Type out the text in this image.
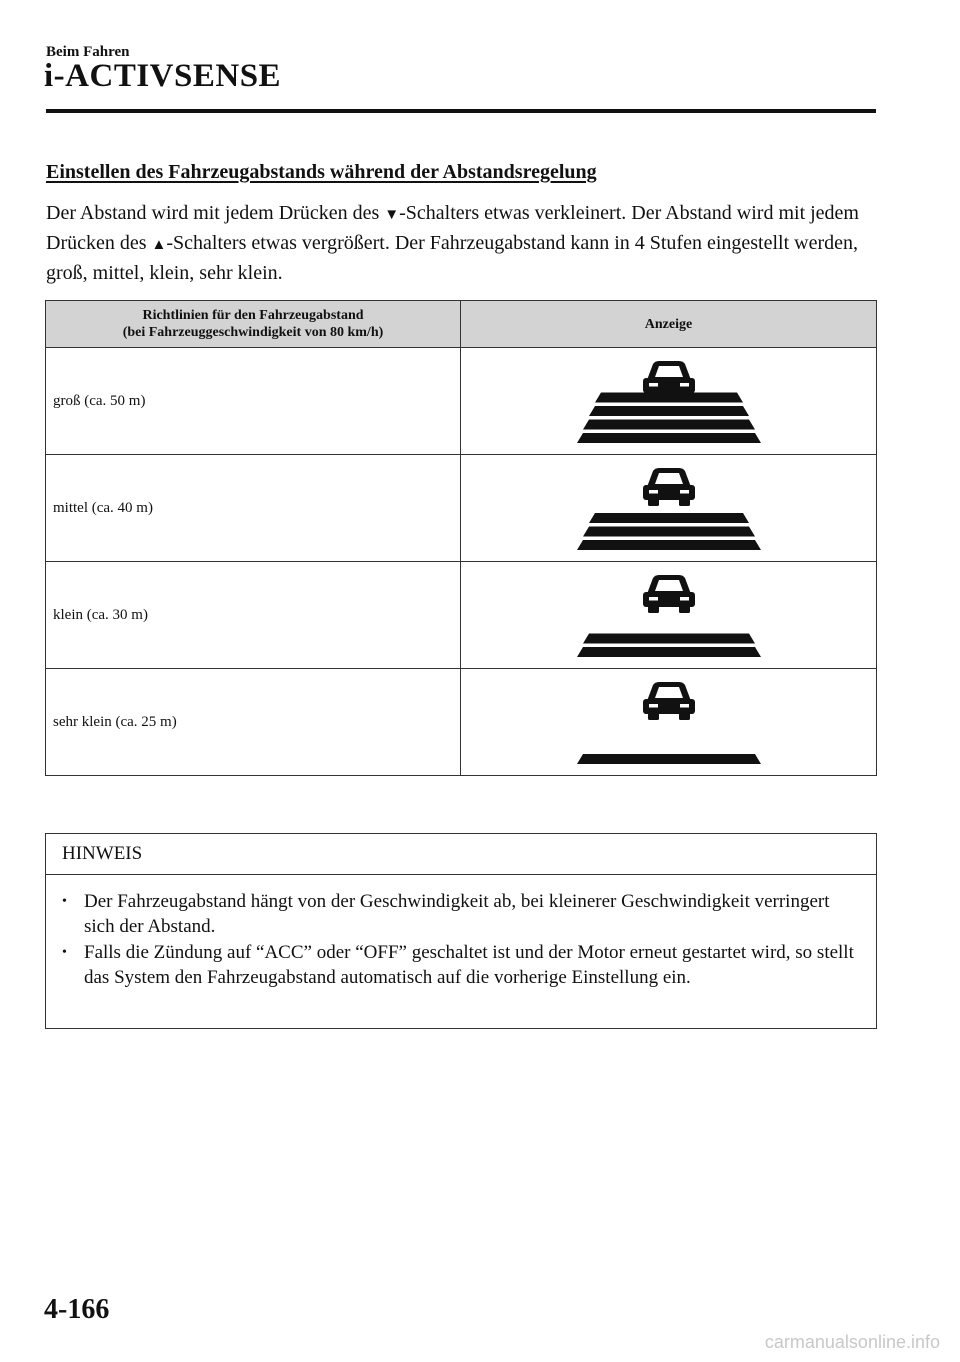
Beim Fahren
i-ACTIVSENSE
Einstellen des Fahrzeugabstands während der Abstandsregelung
Der Abstand wird mit jedem Drücken des ▼-Schalters etwas verkleinert. Der Abstand wird mit jedem Drücken des ▲-Schalters etwas vergrößert. Der Fahrzeugabstand kann in 4 Stufen eingestellt werden, groß, mittel, klein, sehr klein.
Richtlinien für den Fahrzeugabstand
(bei Fahrzeuggeschwindigkeit von 80 km/h)	Anzeige
groß (ca. 50 m)	

mittel (ca. 40 m)	

klein (ca. 30 m)	

sehr klein (ca. 25 m)	
HINWEIS
• Der Fahrzeugabstand hängt von der Geschwindigkeit ab, bei kleinerer Geschwindigkeit verringert sich der Abstand.
• Falls die Zündung auf “ACC” oder “OFF” geschaltet ist und der Motor erneut gestartet wird, so stellt das System den Fahrzeugabstand automatisch auf die vorherige Einstellung ein.
4-166
carmanualsonline.info
